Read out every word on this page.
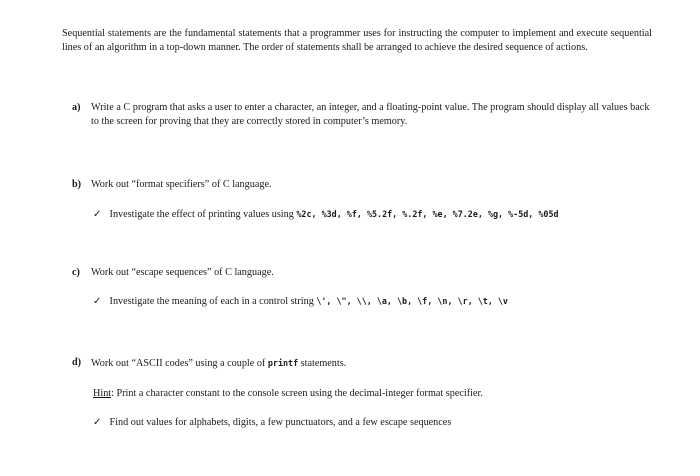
Sequential statements are the fundamental statements that a programmer uses for instructing the computer to implement and execute sequential lines of an algorithm in a top-down manner. The order of statements shall be arranged to achieve the desired sequence of actions.
a)	Write a C program that asks a user to enter a character, an integer, and a floating-point value. The program should display all values back to the screen for proving that they are correctly stored in computer’s memory.
b) Work out “format specifiers” of C language.
✓ Investigate the effect of printing values using %2c, %3d, %f, %5.2f, %.2f, %e, %7.2e, %g, %-5d, %05d
c)	Work out “escape sequences” of C language.
✓ Investigate the meaning of each in a control string \', \", \\, \a, \b, \f, \n, \r, \t, \v
d) Work out “ASCII codes” using a couple of printf statements.
Hint: Print a character constant to the console screen using the decimal-integer format specifier.
✓ Find out values for alphabets, digits, a few punctuators, and a few escape sequences
